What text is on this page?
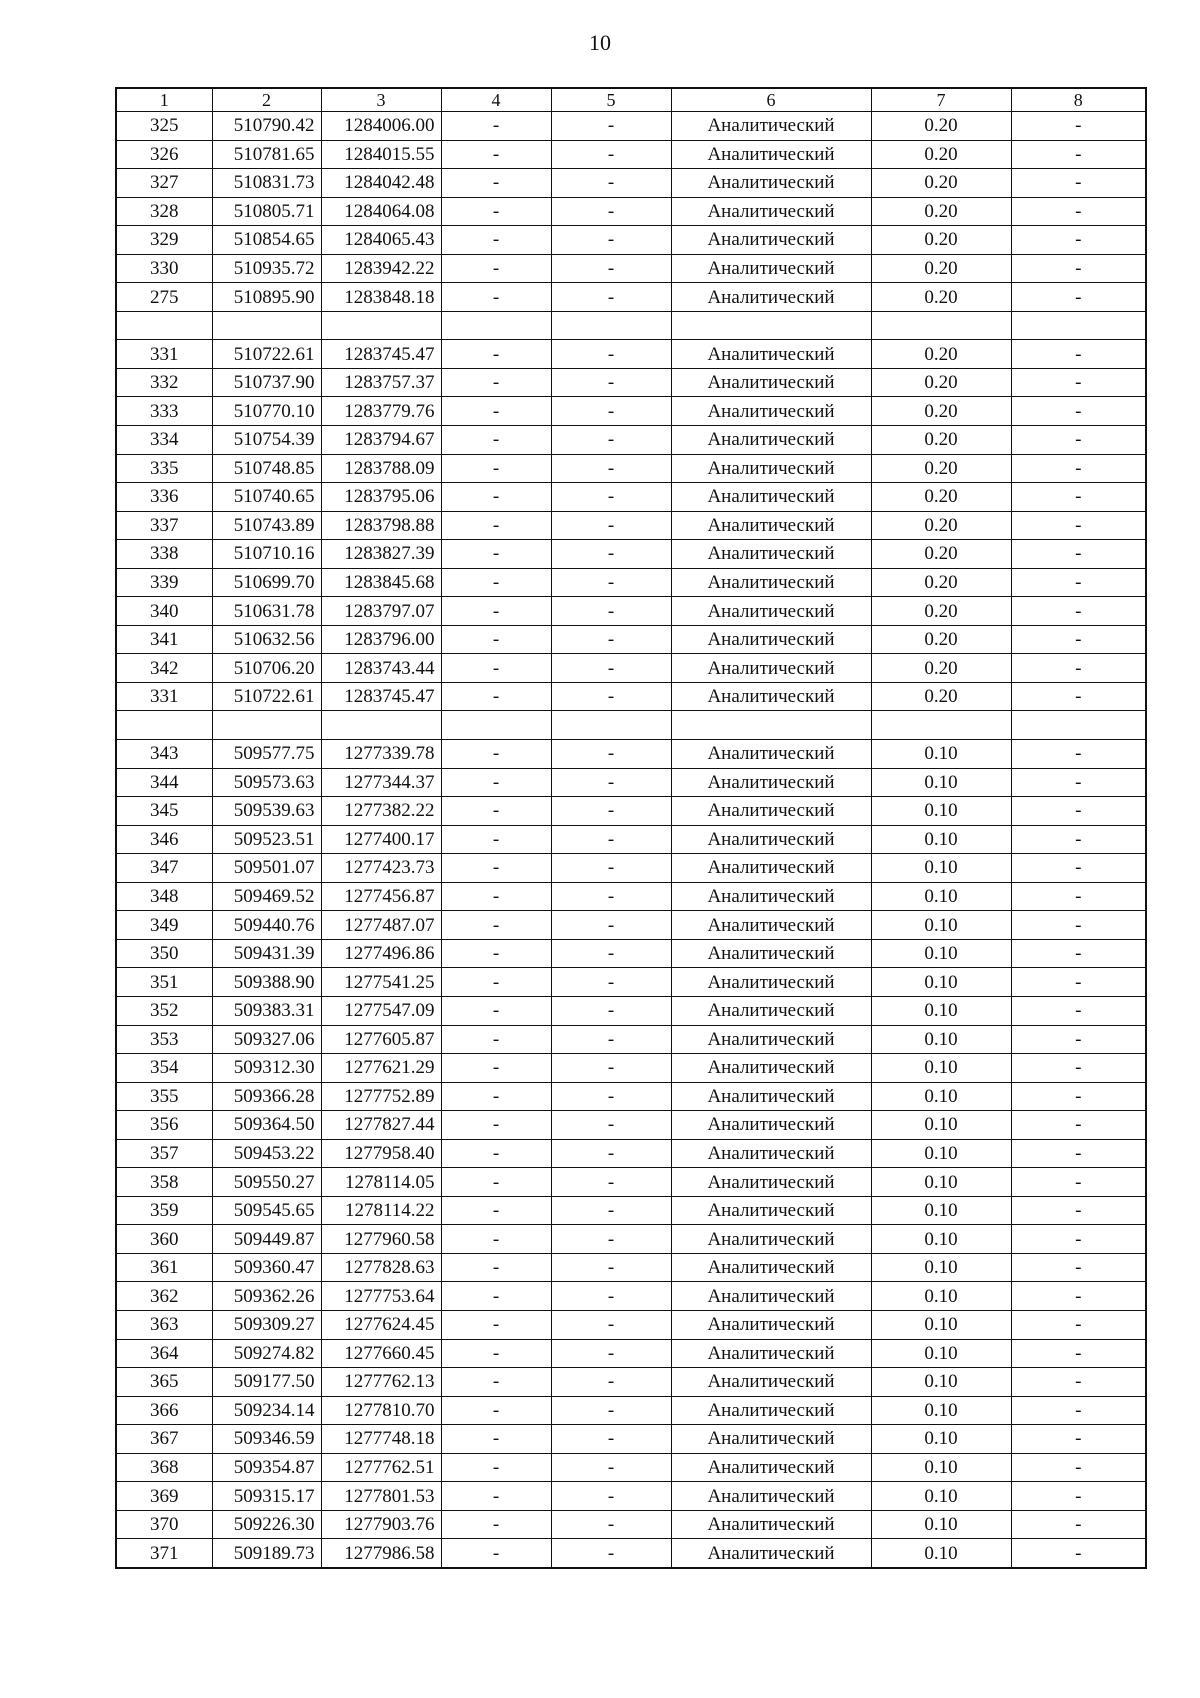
10
1	2	3	4	5	6	7	8
325	510790.42	1284006.00	-	-	Аналитический	0.20	-
326	510781.65	1284015.55	-	-	Аналитический	0.20	-
327	510831.73	1284042.48	-	-	Аналитический	0.20	-
328	510805.71	1284064.08	-	-	Аналитический	0.20	-
329	510854.65	1284065.43	-	-	Аналитический	0.20	-
330	510935.72	1283942.22	-	-	Аналитический	0.20	-
275	510895.90	1283848.18	-	-	Аналитический	0.20	-

331	510722.61	1283745.47	-	-	Аналитический	0.20	-
332	510737.90	1283757.37	-	-	Аналитический	0.20	-
333	510770.10	1283779.76	-	-	Аналитический	0.20	-
334	510754.39	1283794.67	-	-	Аналитический	0.20	-
335	510748.85	1283788.09	-	-	Аналитический	0.20	-
336	510740.65	1283795.06	-	-	Аналитический	0.20	-
337	510743.89	1283798.88	-	-	Аналитический	0.20	-
338	510710.16	1283827.39	-	-	Аналитический	0.20	-
339	510699.70	1283845.68	-	-	Аналитический	0.20	-
340	510631.78	1283797.07	-	-	Аналитический	0.20	-
341	510632.56	1283796.00	-	-	Аналитический	0.20	-
342	510706.20	1283743.44	-	-	Аналитический	0.20	-
331	510722.61	1283745.47	-	-	Аналитический	0.20	-

343	509577.75	1277339.78	-	-	Аналитический	0.10	-
344	509573.63	1277344.37	-	-	Аналитический	0.10	-
345	509539.63	1277382.22	-	-	Аналитический	0.10	-
346	509523.51	1277400.17	-	-	Аналитический	0.10	-
347	509501.07	1277423.73	-	-	Аналитический	0.10	-
348	509469.52	1277456.87	-	-	Аналитический	0.10	-
349	509440.76	1277487.07	-	-	Аналитический	0.10	-
350	509431.39	1277496.86	-	-	Аналитический	0.10	-
351	509388.90	1277541.25	-	-	Аналитический	0.10	-
352	509383.31	1277547.09	-	-	Аналитический	0.10	-
353	509327.06	1277605.87	-	-	Аналитический	0.10	-
354	509312.30	1277621.29	-	-	Аналитический	0.10	-
355	509366.28	1277752.89	-	-	Аналитический	0.10	-
356	509364.50	1277827.44	-	-	Аналитический	0.10	-
357	509453.22	1277958.40	-	-	Аналитический	0.10	-
358	509550.27	1278114.05	-	-	Аналитический	0.10	-
359	509545.65	1278114.22	-	-	Аналитический	0.10	-
360	509449.87	1277960.58	-	-	Аналитический	0.10	-
361	509360.47	1277828.63	-	-	Аналитический	0.10	-
362	509362.26	1277753.64	-	-	Аналитический	0.10	-
363	509309.27	1277624.45	-	-	Аналитический	0.10	-
364	509274.82	1277660.45	-	-	Аналитический	0.10	-
365	509177.50	1277762.13	-	-	Аналитический	0.10	-
366	509234.14	1277810.70	-	-	Аналитический	0.10	-
367	509346.59	1277748.18	-	-	Аналитический	0.10	-
368	509354.87	1277762.51	-	-	Аналитический	0.10	-
369	509315.17	1277801.53	-	-	Аналитический	0.10	-
370	509226.30	1277903.76	-	-	Аналитический	0.10	-
371	509189.73	1277986.58	-	-	Аналитический	0.10	-
